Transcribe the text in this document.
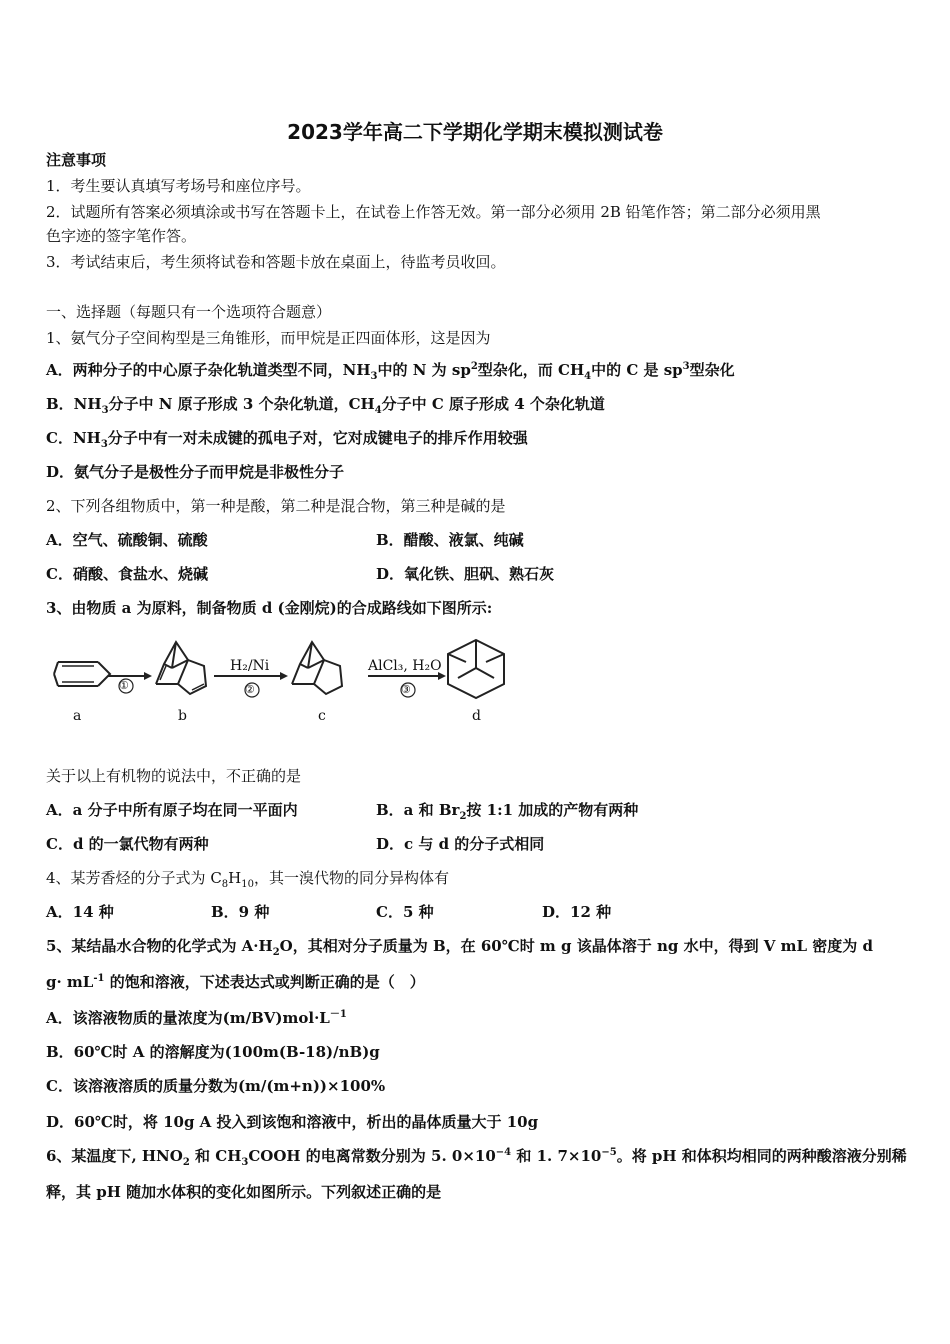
2023学年高二下学期化学期末模拟测试卷
注意事项
1．考生要认真填写考场号和座位序号。
2．试题所有答案必须填涂或书写在答题卡上，在试卷上作答无效。第一部分必须用 2B 铅笔作答；第二部分必须用黑
色字迹的签字笔作答。
3．考试结束后，考生须将试卷和答题卡放在桌面上，待监考员收回。
一、选择题（每题只有一个选项符合题意）
1、氨气分子空间构型是三角锥形，而甲烷是正四面体形，这是因为
A．两种分子的中心原子杂化轨道类型不同，$NH_3$中的 N 为 $sp^2$型杂化，而 $CH_4$中的 C 是 $sp^3$型杂化
B．$NH_3$分子中 N 原子形成 3 个杂化轨道，$CH_4$分子中 C 原子形成 4 个杂化轨道
C．$NH_3$分子中有一对未成键的孤电子对，它对成键电子的排斥作用较强
D．氨气分子是极性分子而甲烷是非极性分子
2、下列各组物质中，第一种是酸，第二种是混合物，第三种是碱的是
A．空气、硫酸铜、硫酸	B．醋酸、液氯、纯碱
C．硝酸、食盐水、烧碱	D．氧化铁、胆矾、熟石灰
3、由物质 a 为原料，制备物质 d (金刚烷)的合成路线如下图所示:
a	b	c	d
①	②	③
H₂/Ni	AlCl₃, H₂O
关于以上有机物的说法中，不正确的是
A．a 分子中所有原子均在同一平面内	B．a 和 $Br_2$按 1:1 加成的产物有两种
C．d 的一氯代物有两种	D．c 与 d 的分子式相同
4、某芳香烃的分子式为 $C_8H_{10}$，其一溴代物的同分异构体有
A．14 种	B．9 种	C．5 种	D．12 种
5、某结晶水合物的化学式为 $A\cdot H_2O$，其相对分子质量为 B，在 60℃时 m g 该晶体溶于 ng 水中，得到 V mL 密度为 d
$g\cdot mL^{-1}$ 的饱和溶液，下述表达式或判断正确的是（　）
A．该溶液物质的量浓度为$(m/BV)mol\cdot L^{-1}$
B．60℃时 A 的溶解度为(100m(B-18)/nB)g
C．该溶液溶质的质量分数为(m/(m+n))×100%
D．60℃时，将 10g A 投入到该饱和溶液中，析出的晶体质量大于 10g
6、某温度下, $HNO_2$ 和 $CH_3COOH$ 的电离常数分别为 5. $0\times 10^{-4}$ 和 1. $7\times 10^{-5}$。将 pH 和体积均相同的两种酸溶液分别稀
释，其 pH 随加水体积的变化如图所示。下列叙述正确的是
